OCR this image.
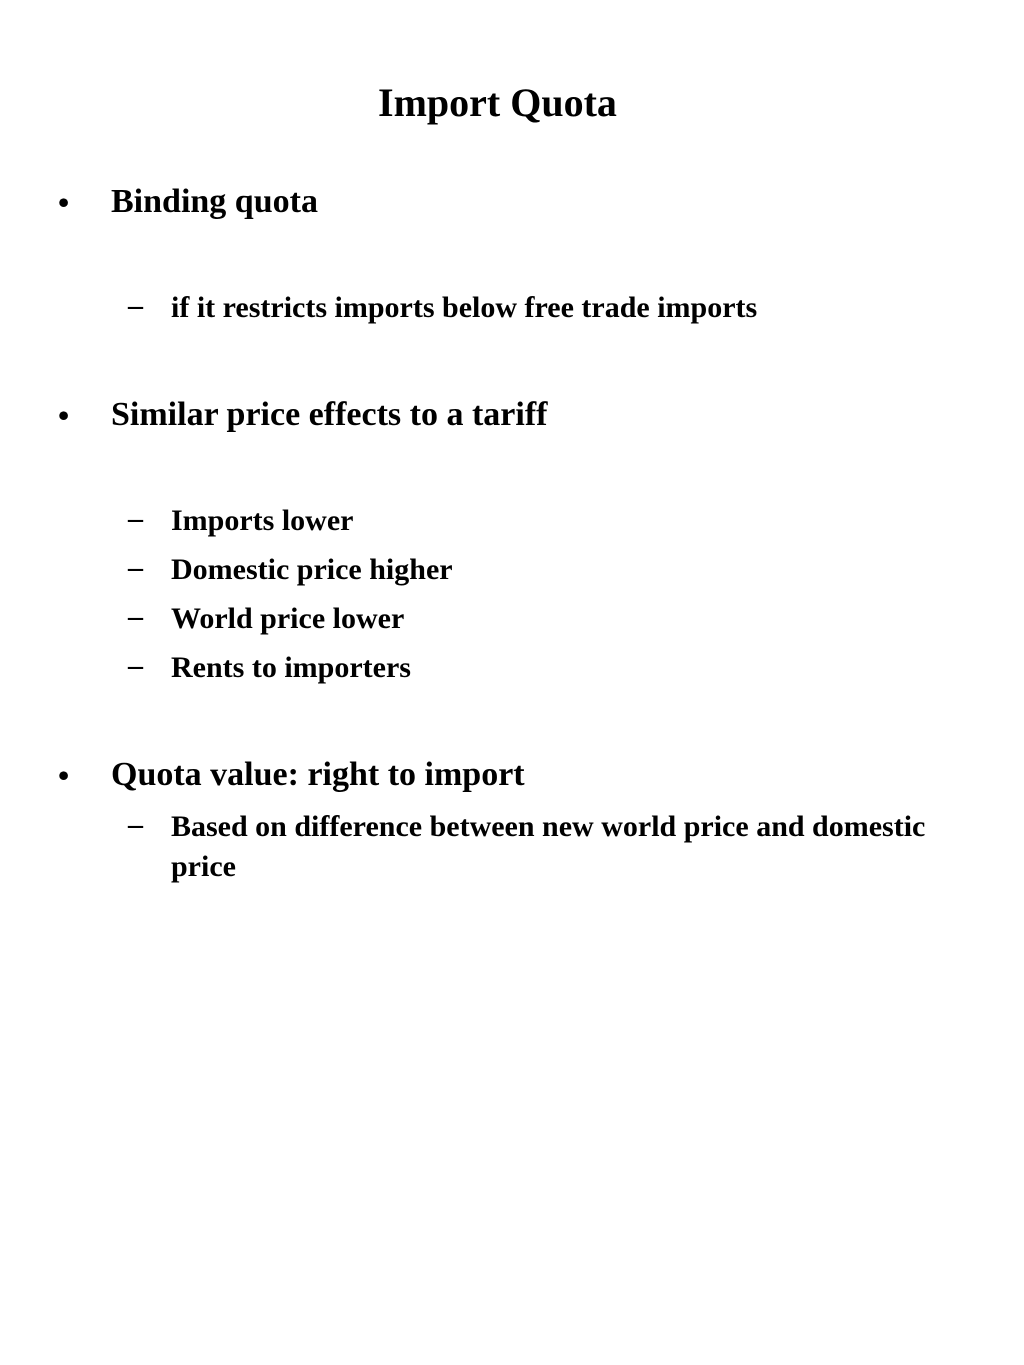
Import Quota
• Binding quota
– if it restricts imports below free trade imports
• Similar price effects to a tariff
– Imports lower
– Domestic price higher
– World price lower
– Rents to importers
• Quota value: right to import
– Based on difference between new world price and domestic price
